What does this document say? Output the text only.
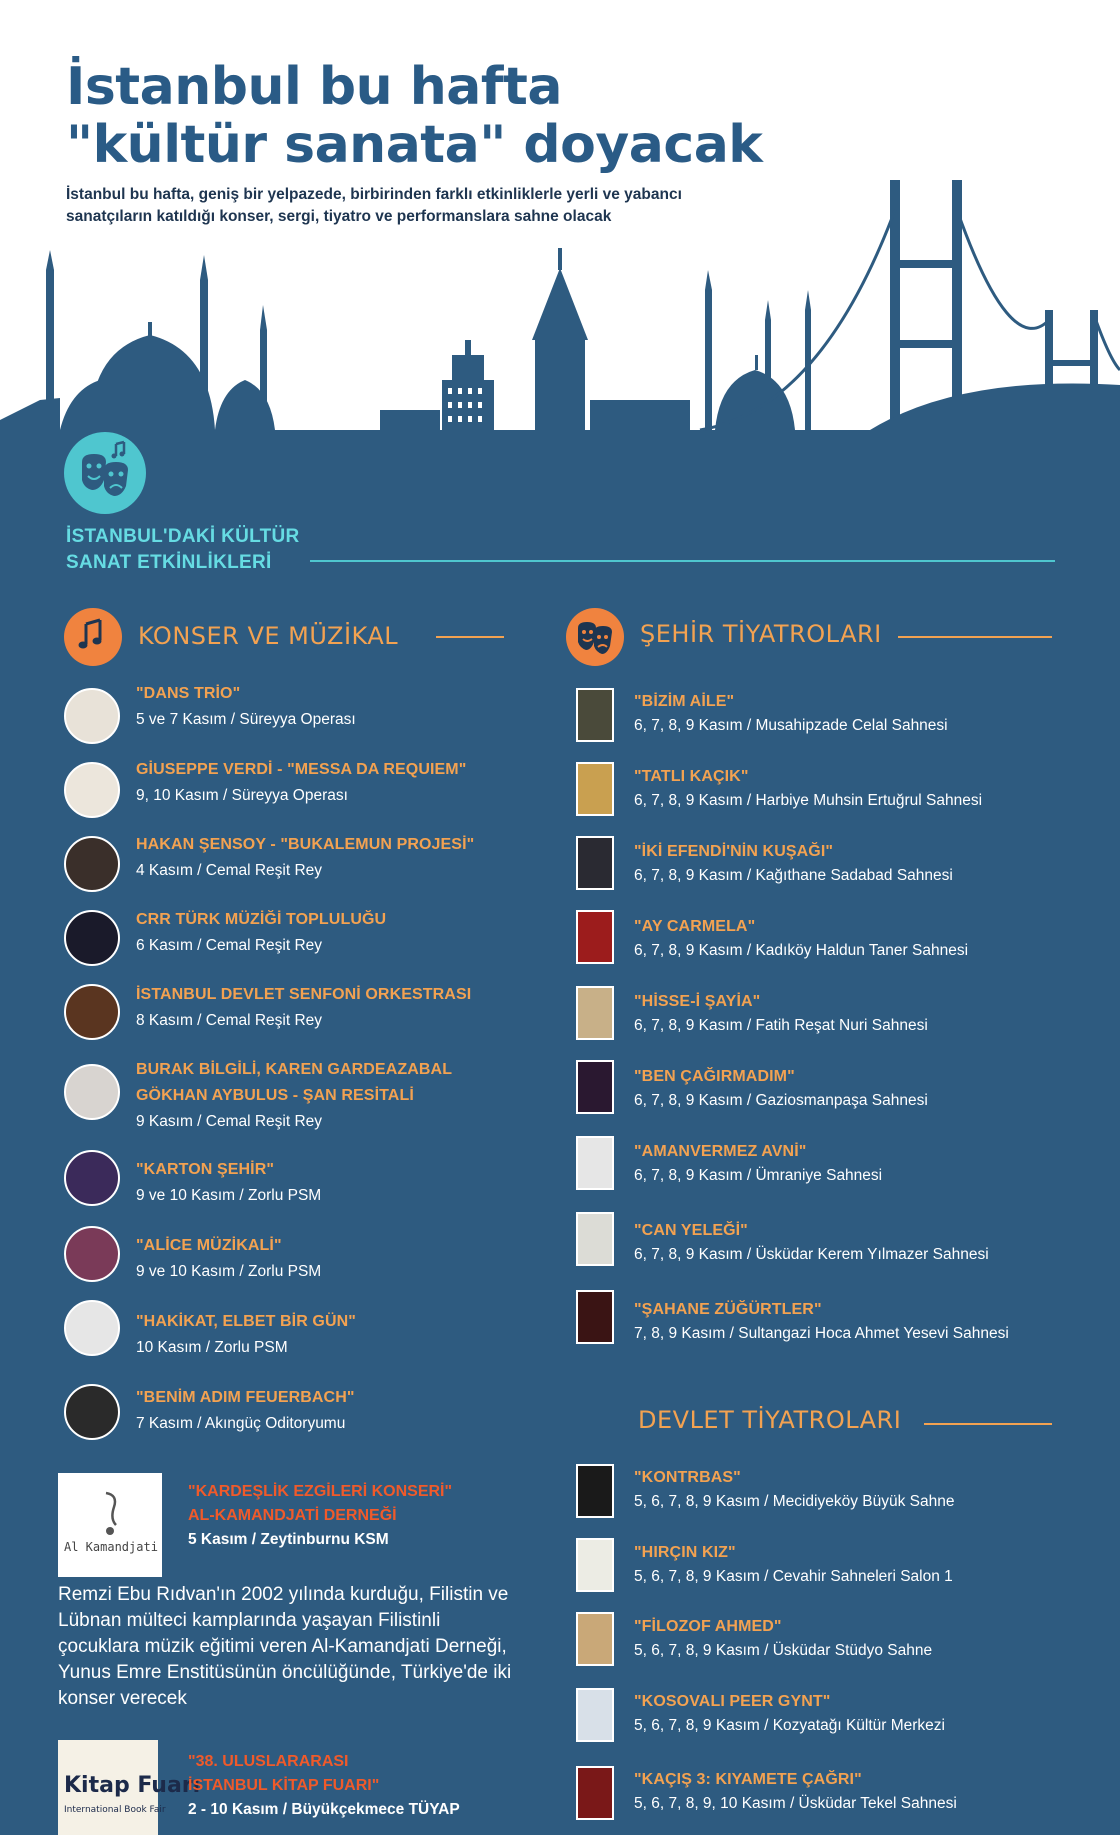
İstanbul bu hafta
"kültür sanata" doyacak
İstanbul bu hafta, geniş bir yelpazede, birbirinden farklı etkinliklerle yerli ve yabancı sanatçıların katıldığı konser, sergi, tiyatro ve performanslara sahne olacak
İSTANBUL'DAKİ KÜLTÜR
SANAT ETKİNLİKLERİ
KONSER VE MÜZİKAL
"DANS TRİO"
5 ve 7 Kasım / Süreyya Operası
GİUSEPPE VERDİ - "MESSA DA REQUIEM"
9, 10 Kasım / Süreyya Operası
HAKAN ŞENSOY - "BUKALEMUN PROJESİ"
4 Kasım / Cemal Reşit Rey
CRR TÜRK MÜZİĞİ TOPLULUĞU
6 Kasım / Cemal Reşit Rey
İSTANBUL DEVLET SENFONİ ORKESTRASI
8 Kasım / Cemal Reşit Rey
BURAK BİLGİLİ, KAREN GARDEAZABAL
GÖKHAN AYBULUS - ŞAN RESİTALİ
9 Kasım / Cemal Reşit Rey
"KARTON ŞEHİR"
9 ve 10 Kasım / Zorlu PSM
"ALİCE MÜZİKALİ"
9 ve 10 Kasım / Zorlu PSM
"HAKİKAT, ELBET BİR GÜN"
10 Kasım / Zorlu PSM
"BENİM ADIM FEUERBACH"
7 Kasım / Akıngüç Oditoryumu
Al Kamandjati
"KARDEŞLİK EZGİLERİ KONSERİ"
AL-KAMANDJATİ DERNEĞİ
5 Kasım / Zeytinburnu KSM
Remzi Ebu Rıdvan'ın 2002 yılında kurduğu, Filistin ve Lübnan mülteci kamplarında yaşayan Filistinli çocuklara müzik eğitimi veren Al-Kamandjati Derneği, Yunus Emre Enstitüsünün öncülüğünde, Türkiye'de iki konser verecek
Kitap Fuarı
International Book Fair
"38. ULUSLARARASI
İSTANBUL KİTAP FUARI"
2 - 10 Kasım / Büyükçekmece TÜYAP
ŞEHİR TİYATROLARI
"BİZİM AİLE"
6, 7, 8, 9 Kasım / Musahipzade Celal Sahnesi
"TATLI KAÇIK"
6, 7, 8, 9 Kasım / Harbiye Muhsin Ertuğrul Sahnesi
"İKİ EFENDİ'NİN KUŞAĞI"
6, 7, 8, 9 Kasım / Kağıthane Sadabad Sahnesi
"AY CARMELA"
6, 7, 8, 9 Kasım / Kadıköy Haldun Taner Sahnesi
"HİSSE-İ ŞAYİA"
6, 7, 8, 9 Kasım / Fatih Reşat Nuri Sahnesi
"BEN ÇAĞIRMADIM"
6, 7, 8, 9 Kasım / Gaziosmanpaşa Sahnesi
"AMANVERMEZ AVNİ"
6, 7, 8, 9 Kasım / Ümraniye Sahnesi
"CAN YELEĞİ"
6, 7, 8, 9 Kasım / Üsküdar Kerem Yılmazer Sahnesi
"ŞAHANE ZÜĞÜRTLER"
7, 8, 9 Kasım / Sultangazi Hoca Ahmet Yesevi Sahnesi
DEVLET TİYATROLARI
"KONTRBAS"
5, 6, 7, 8, 9 Kasım / Mecidiyeköy Büyük Sahne
"HIRÇIN KIZ"
5, 6, 7, 8, 9 Kasım / Cevahir Sahneleri Salon 1
"FİLOZOF AHMED"
5, 6, 7, 8, 9 Kasım / Üsküdar Stüdyo Sahne
"KOSOVALI PEER GYNT"
5, 6, 7, 8, 9 Kasım / Kozyatağı Kültür Merkezi
"KAÇIŞ 3: KIYAMETE ÇAĞRI"
5, 6, 7, 8, 9, 10 Kasım / Üsküdar Tekel Sahnesi
